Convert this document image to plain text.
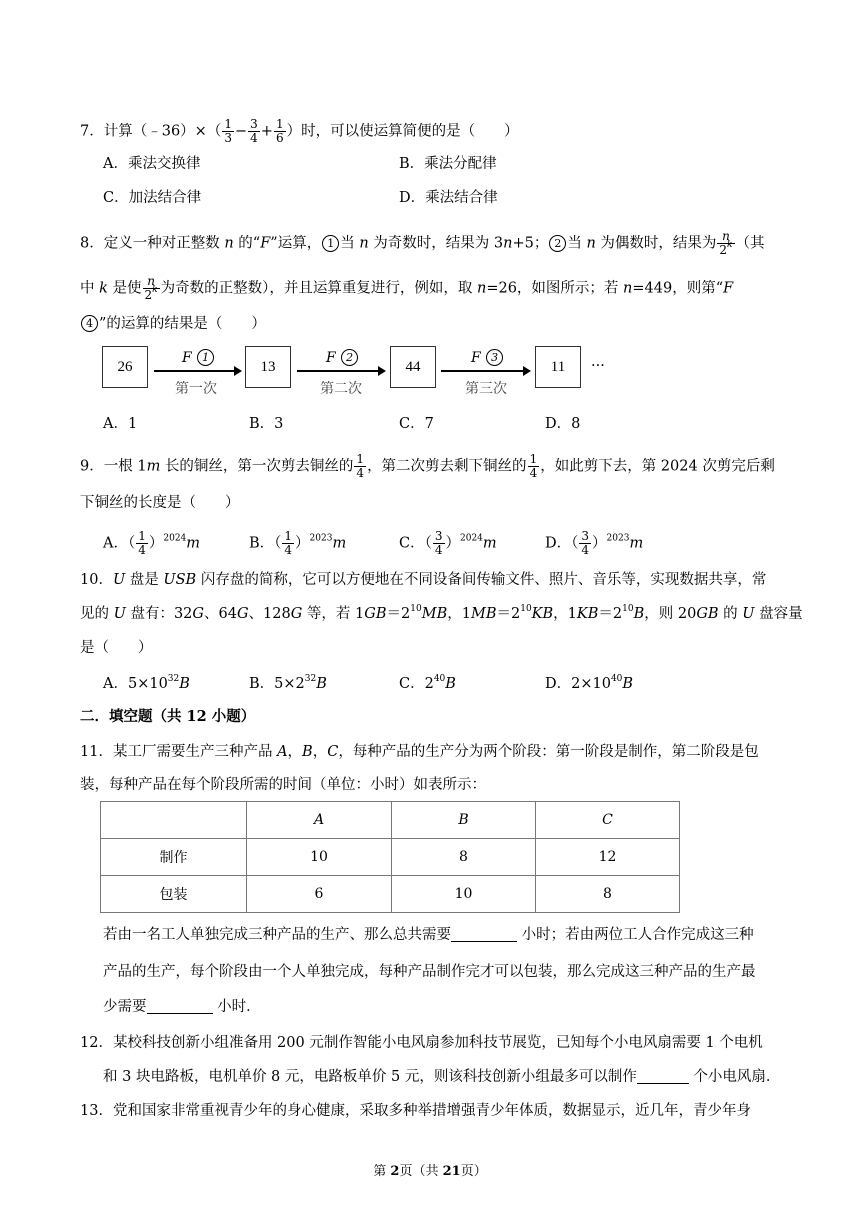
7．计算（﹣36）×（ $\frac{1}{3} - \frac{3}{4} + \frac{1}{6}$ ）时，可以使运算简便的是（　　）
A．乘法交换律	B．乘法分配律
C．加法结合律	D．乘法结合律
8．定义一种对正整数 n 的“F”运算， 1 当 n 为奇数时，结果为 3n+5； 2 当 n 为偶数时，结果为 $\frac{n}{2^k}$ （其
中 k 是使 $\frac{n}{2^k}$ 为奇数的正整数），并且运算重复进行，例如，取 n=26，如图所示；若 n=449，则第“F
4 ”的运算的结果是（　　）
26	13	44	11	···
F 1
第一次
F 2
第二次
F 3
第三次
A．1	B．3	C．7	D．8
9．一根 1m 长的铜丝，第一次剪去铜丝的 $\frac{1}{4}$ ，第二次剪去剩下铜丝的 $\frac{1}{4}$ ，如此剪下去，第 2024 次剪完后剩
下铜丝的长度是（　　）
A．（ $\frac{1}{4} )^{2024}m$	B．（ $\frac{1}{4} )^{2023}m$	C．（ $\frac{3}{4} )^{2024}m$	D．（ $\frac{3}{4} )^{2023}m$
10．U 盘是 USB 闪存盘的简称，它可以方便地在不同设备间传输文件、照片、音乐等，实现数据共享，常
见的 U 盘有：32G、64G、128G 等，若 $1GB=2^{10}MB$，$1MB=2^{10}KB$，$1KB=2^{10}B$，则 20GB 的 U 盘容量
是（　　）
A．$5\times 10^{32}B$	B．$5\times 2^{32}B$	C．$2^{40}B$	D．$2\times 10^{40}B$
二．填空题（共 12 小题）
11．某工厂需要生产三种产品 A，B，C，每种产品的生产分为两个阶段：第一阶段是制作，第二阶段是包
装，每种产品在每个阶段所需的时间（单位：小时）如表所示：
	A	B	C
制作	10	8	12
包装	6	10	8
若由一名工人单独完成三种产品的生产、那么总共需要	小时；若由两位工人合作完成这三种
产品的生产，每个阶段由一个人单独完成，每种产品制作完才可以包装，那么完成这三种产品的生产最
少需要	小时．
12．某校科技创新小组准备用 200 元制作智能小电风扇参加科技节展览，已知每个小电风扇需要 1 个电机
和 3 块电路板，电机单价 8 元，电路板单价 5 元，则该科技创新小组最多可以制作	个小电风扇．
13．党和国家非常重视青少年的身心健康，采取多种举措增强青少年体质，数据显示，近几年，青少年身
第 2页（共 21页）
